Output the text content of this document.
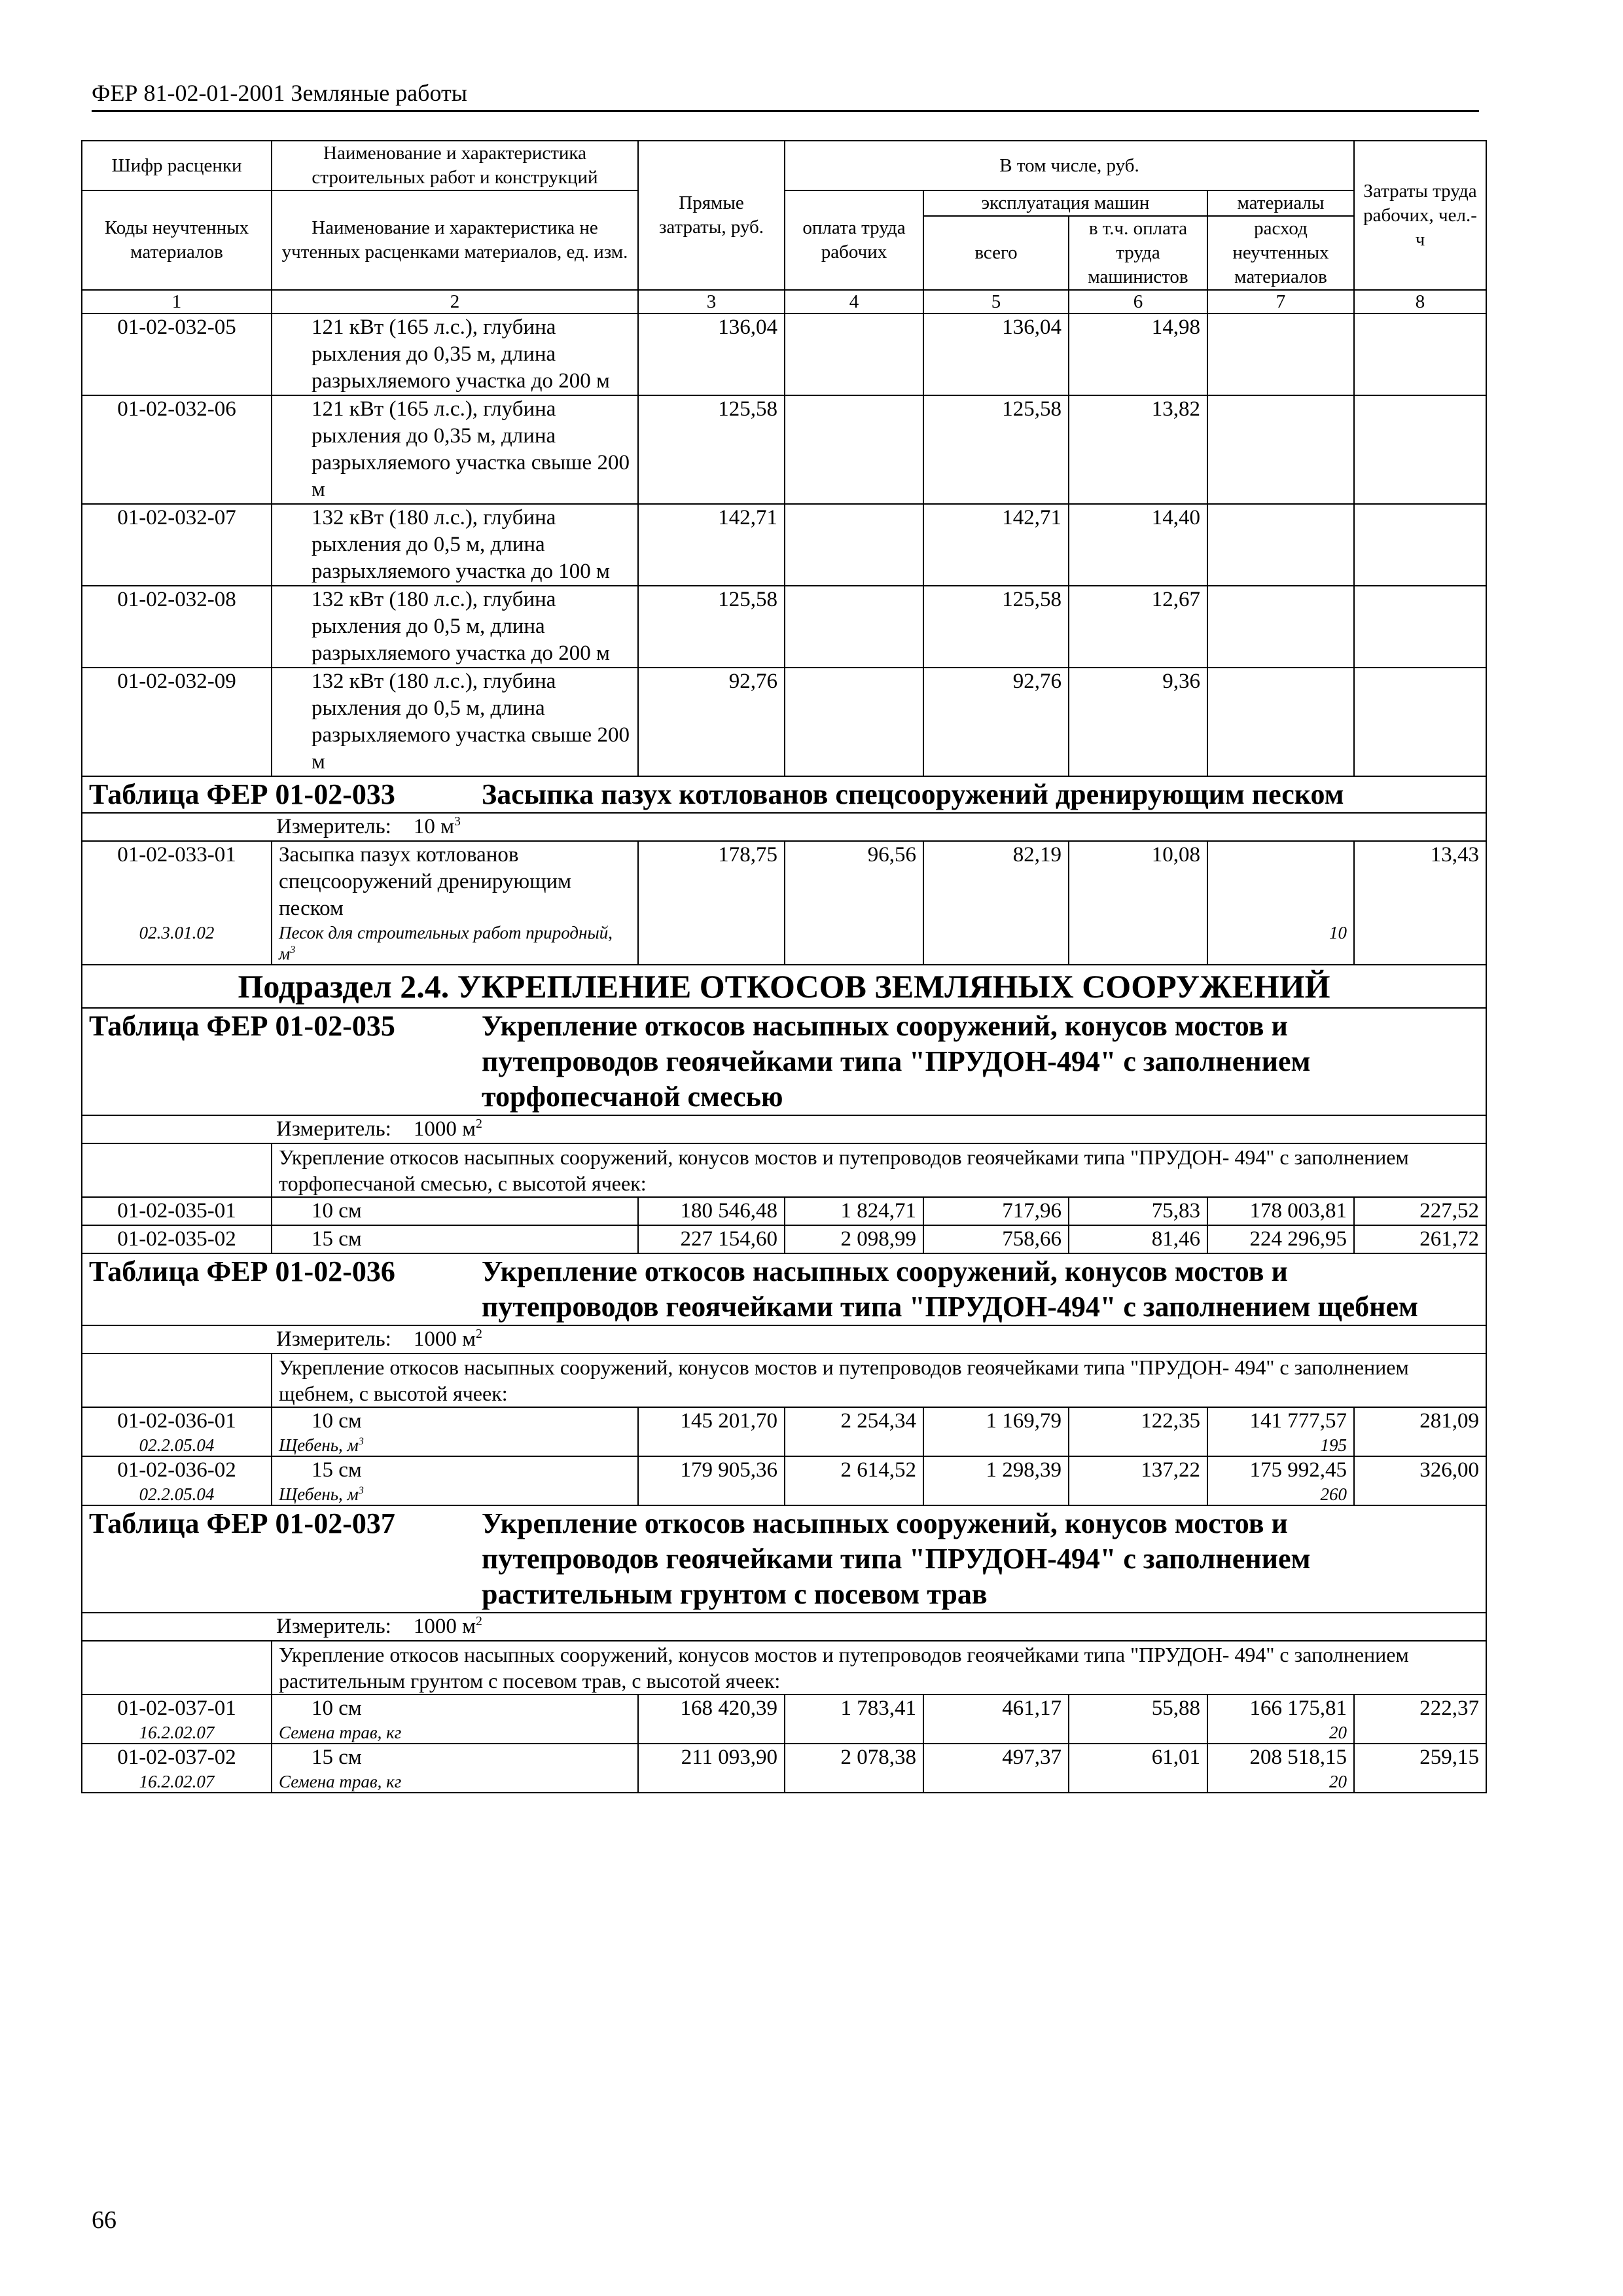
ФЕР 81-02-01-2001 Земляные работы
Шифр расценки	Наименование и характеристика строительных работ и конструкций	Прямые затраты, руб.	В том числе, руб.				Затраты труда рабочих, чел.-ч
Коды неучтенных материалов	Наименование и характеристика не учтенных расценками материалов, ед. изм.		оплата труда рабочих	эксплуатация машин		материалы	
				всего	в т.ч. оплата труда машинистов	расход неучтенных материалов	
1	2	3	4	5	6	7	8
01-02-032-05	121 кВт (165 л.с.), глубина рыхления до 0,35 м, длина разрыхляемого участка до 200 м	136,04		136,04	14,98		
01-02-032-06	121 кВт (165 л.с.), глубина рыхления до 0,35 м, длина разрыхляемого участка свыше 200 м	125,58		125,58	13,82		
01-02-032-07	132 кВт (180 л.с.), глубина рыхления до 0,5 м, длина разрыхляемого участка до 100 м	142,71		142,71	14,40		
01-02-032-08	132 кВт (180 л.с.), глубина рыхления до 0,5 м, длина разрыхляемого участка до 200 м	125,58		125,58	12,67		
01-02-032-09	132 кВт (180 л.с.), глубина рыхления до 0,5 м, длина разрыхляемого участка свыше 200 м	92,76		92,76	9,36		
Таблица ФЕР 01-02-033 Засыпка пазух котлованов спецсооружений дренирующим песком							
Измеритель: 10 $м^3$
01-02-033-01	Засыпка пазух котлованов спецсооружений дренирующим песком	178,75	96,56	82,19	10,08		13,43
02.3.01.02	Песок для строительных работ природный, $м^3$					10	
Подраздел 2.4. УКРЕПЛЕНИЕ ОТКОСОВ ЗЕМЛЯНЫХ СООРУЖЕНИЙ							
Таблица ФЕР 01-02-035 Укрепление откосов насыпных сооружений, конусов мостов и путепроводов геоячейками типа "ПРУДОН-494" с заполнением торфопесчаной смесью							
Измеритель: 1000 $м^2$
	Укрепление откосов насыпных сооружений, конусов мостов и путепроводов геоячейками типа "ПРУДОН- 494" с заполнением торфопесчаной смесью, с высотой ячеек:						
01-02-035-01	10 см	180 546,48	1 824,71	717,96	75,83	178 003,81	227,52
01-02-035-02	15 см	227 154,60	2 098,99	758,66	81,46	224 296,95	261,72
Таблица ФЕР 01-02-036 Укрепление откосов насыпных сооружений, конусов мостов и путепроводов геоячейками типа "ПРУДОН-494" с заполнением щебнем							
Измеритель: 1000 $м^2$
	Укрепление откосов насыпных сооружений, конусов мостов и путепроводов геоячейками типа "ПРУДОН- 494" с заполнением щебнем, с высотой ячеек:						
01-02-036-01	10 см	145 201,70	2 254,34	1 169,79	122,35	141 777,57	281,09
02.2.05.04	Щебень, $м^3$					195	
01-02-036-02	15 см	179 905,36	2 614,52	1 298,39	137,22	175 992,45	326,00
02.2.05.04	Щебень, $м^3$					260	
Таблица ФЕР 01-02-037 Укрепление откосов насыпных сооружений, конусов мостов и путепроводов геоячейками типа "ПРУДОН-494" с заполнением растительным грунтом с посевом трав							
Измеритель: 1000 $м^2$
	Укрепление откосов насыпных сооружений, конусов мостов и путепроводов геоячейками типа "ПРУДОН- 494" с заполнением растительным грунтом с посевом трав, с высотой ячеек:						
01-02-037-01	10 см	168 420,39	1 783,41	461,17	55,88	166 175,81	222,37
16.2.02.07	Семена трав, кг					20	
01-02-037-02	15 см	211 093,90	2 078,38	497,37	61,01	208 518,15	259,15
16.2.02.07	Семена трав, кг					20	
66
